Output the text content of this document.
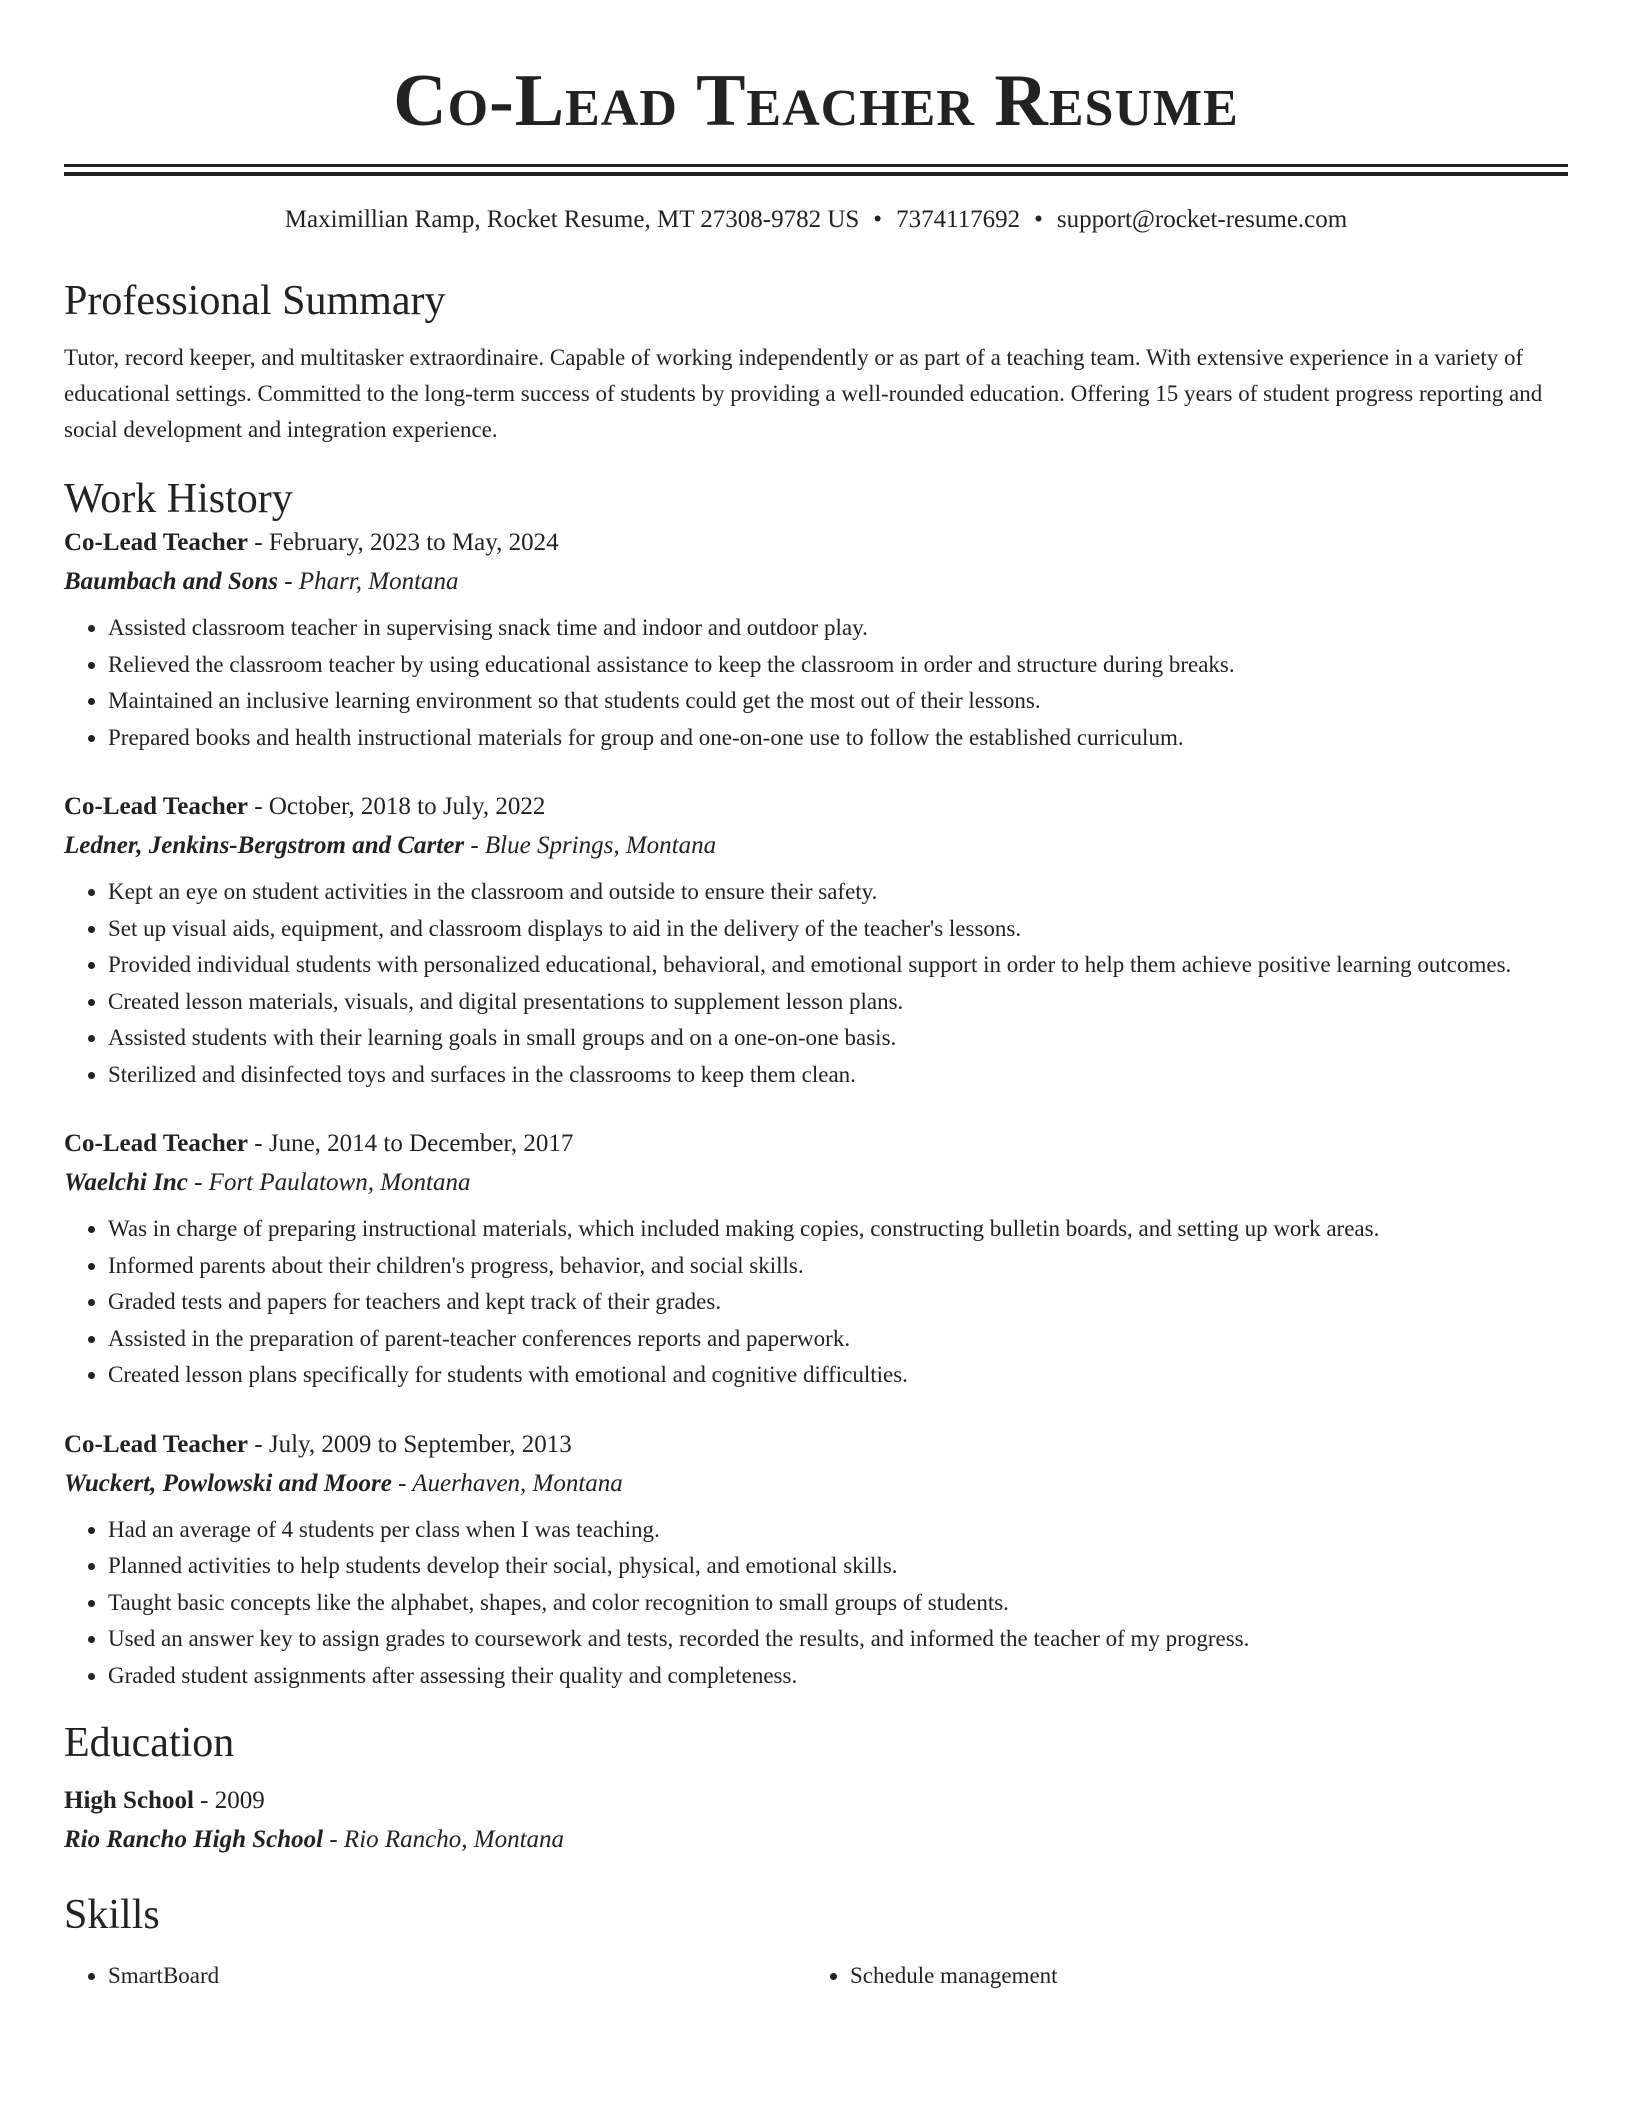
Co-Lead Teacher Resume
Maximillian Ramp, Rocket Resume, MT 27308-9782 US • 7374117692 • support@rocket-resume.com
Professional Summary
Tutor, record keeper, and multitasker extraordinaire. Capable of working independently or as part of a teaching team. With extensive experience in a variety of educational settings. Committed to the long-term success of students by providing a well-rounded education. Offering 15 years of student progress reporting and social development and integration experience.
Work History
Co-Lead Teacher - February, 2023 to May, 2024
Baumbach and Sons - Pharr, Montana
• Assisted classroom teacher in supervising snack time and indoor and outdoor play.
• Relieved the classroom teacher by using educational assistance to keep the classroom in order and structure during breaks.
• Maintained an inclusive learning environment so that students could get the most out of their lessons.
• Prepared books and health instructional materials for group and one-on-one use to follow the established curriculum.
Co-Lead Teacher - October, 2018 to July, 2022
Ledner, Jenkins-Bergstrom and Carter - Blue Springs, Montana
• Kept an eye on student activities in the classroom and outside to ensure their safety.
• Set up visual aids, equipment, and classroom displays to aid in the delivery of the teacher's lessons.
• Provided individual students with personalized educational, behavioral, and emotional support in order to help them achieve positive learning outcomes.
• Created lesson materials, visuals, and digital presentations to supplement lesson plans.
• Assisted students with their learning goals in small groups and on a one-on-one basis.
• Sterilized and disinfected toys and surfaces in the classrooms to keep them clean.
Co-Lead Teacher - June, 2014 to December, 2017
Waelchi Inc - Fort Paulatown, Montana
• Was in charge of preparing instructional materials, which included making copies, constructing bulletin boards, and setting up work areas.
• Informed parents about their children's progress, behavior, and social skills.
• Graded tests and papers for teachers and kept track of their grades.
• Assisted in the preparation of parent-teacher conferences reports and paperwork.
• Created lesson plans specifically for students with emotional and cognitive difficulties.
Co-Lead Teacher - July, 2009 to September, 2013
Wuckert, Powlowski and Moore - Auerhaven, Montana
• Had an average of 4 students per class when I was teaching.
• Planned activities to help students develop their social, physical, and emotional skills.
• Taught basic concepts like the alphabet, shapes, and color recognition to small groups of students.
• Used an answer key to assign grades to coursework and tests, recorded the results, and informed the teacher of my progress.
• Graded student assignments after assessing their quality and completeness.
Education
High School - 2009
Rio Rancho High School - Rio Rancho, Montana
Skills
• SmartBoard
•	Schedule management
